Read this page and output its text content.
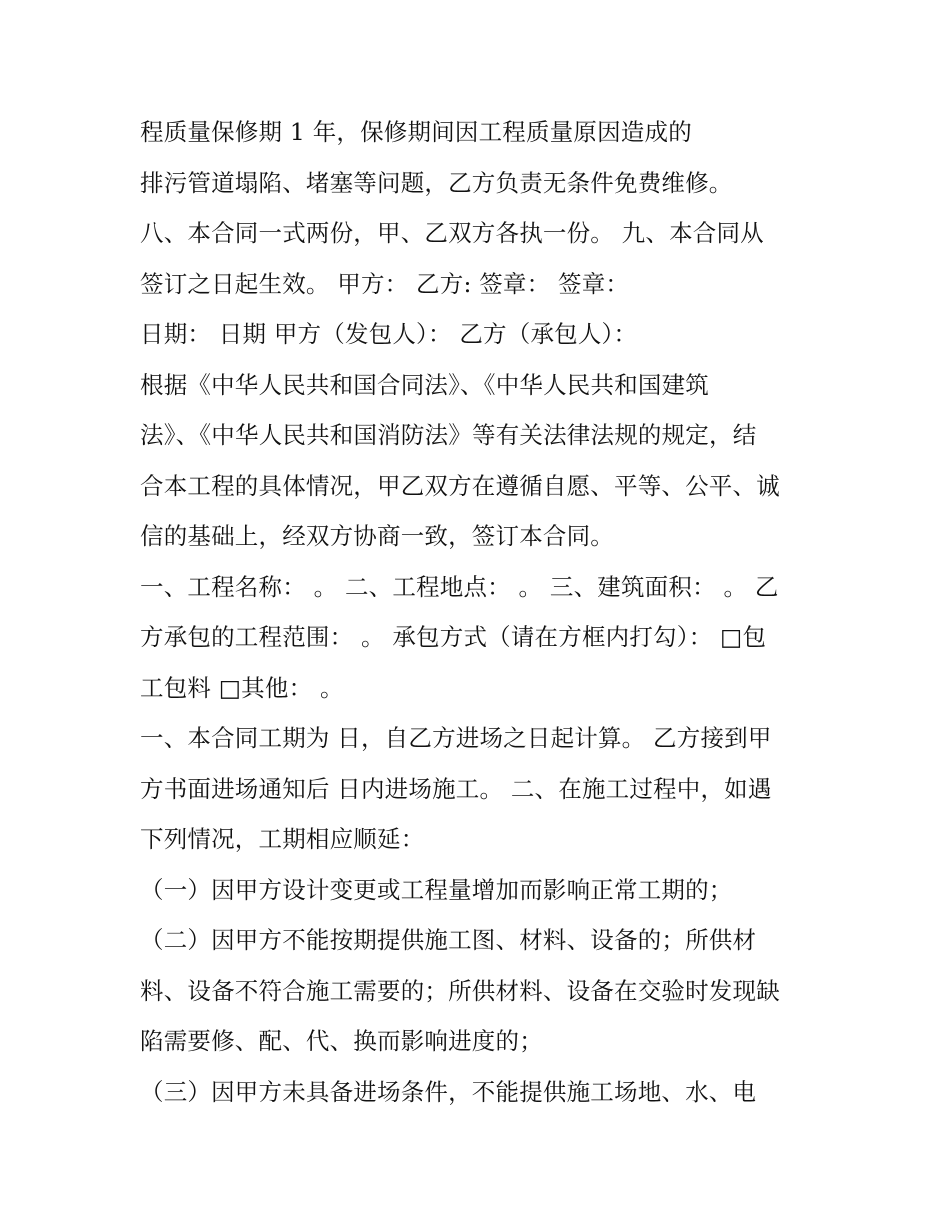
程质量保修期 1 年，保修期间因工程质量原因造成的
排污管道塌陷、堵塞等问题，乙方负责无条件免费维修。
八、本合同一式两份，甲、乙双方各执一份。 九、本合同从
签订之日起生效。 甲方： 乙方: 签章： 签章：
日期： 日期 甲方（发包人）： 乙方（承包人）：
根据《中华人民共和国合同法》、《中华人民共和国建筑
法》、《中华人民共和国消防法》等有关法律法规的规定，结
合本工程的具体情况，甲乙双方在遵循自愿、平等、公平、诚
信的基础上，经双方协商一致，签订本合同。
一、工程名称： 。 二、工程地点： 。 三、建筑面积： 。 乙
方承包的工程范围： 。 承包方式（请在方框内打勾）： □包
工包料 □其他： 。
一、本合同工期为 日，自乙方进场之日起计算。 乙方接到甲
方书面进场通知后 日内进场施工。 二、在施工过程中，如遇
下列情况，工期相应顺延：
（一）因甲方设计变更或工程量增加而影响正常工期的；
（二）因甲方不能按期提供施工图、材料、设备的；所供材
料、设备不符合施工需要的；所供材料、设备在交验时发现缺
陷需要修、配、代、换而影响进度的；
（三）因甲方未具备进场条件，不能提供施工场地、水、电
